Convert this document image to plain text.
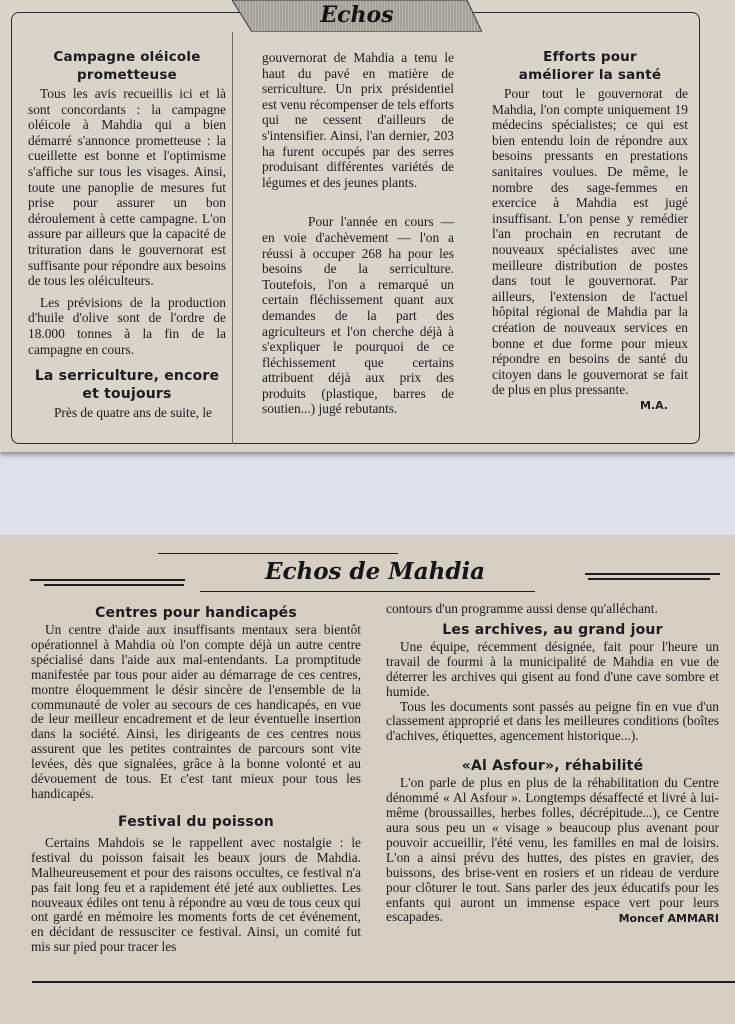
Echos
Campagne oléicole prometteuse

Tous les avis recueillis ici et là sont concordants : la campagne oléicole à Mahdia qui a bien démarré s'annonce prometteuse : la cueillette est bonne et l'optimisme s'affiche sur tous les visages. Ainsi, toute une panoplie de mesures fut prise pour assurer un bon déroulement à cette campagne. L'on assure par ailleurs que la capacité de trituration dans le gouvernorat est suffisante pour répondre aux besoins de tous les oléiculteurs.

Les prévisions de la production d'huile d'olive sont de l'ordre de 18.000 tonnes à la fin de la campagne en cours.

La serriculture, encore et toujours

Près de quatre ans de suite, le

gouvernorat de Mahdia a tenu le haut du pavé en matière de serriculture. Un prix présidentiel est venu récompenser de tels efforts qui ne cessent d'ailleurs de s'intensifier. Ainsi, l'an dernier, 203 ha furent occupés par des serres produisant différentes variétés de légumes et des jeunes plants.

Pour l'année en cours — en voie d'achèvement — l'on a réussi à occuper 268 ha pour les besoins de la serriculture. Toutefois, l'on a remarqué un certain fléchissement quant aux demandes de la part des agriculteurs et l'on cherche déjà à s'expliquer le pourquoi de ce fléchissement que certains attribuent déjà aux prix des produits (plastique, barres de soutien...) jugé rebutants.

Efforts pour améliorer la santé

Pour tout le gouvernorat de Mahdia, l'on compte uniquement 19 médecins spécialistes; ce qui est bien entendu loin de répondre aux besoins pressants en prestations sanitaires voulues. De même, le nombre des sage-femmes en exercice à Mahdia est jugé insuffisant. L'on pense y remédier l'an prochain en recrutant de nouveaux spécialistes avec une meilleure distribution de postes dans tout le gouvernorat. Par ailleurs, l'extension de l'actuel hôpital régional de Mahdia par la création de nouveaux services en bonne et due forme pour mieux répondre en besoins de santé du citoyen dans le gouvernorat se fait de plus en plus pressante.

M.A.
Echos de Mahdia
Centres pour handicapés

Un centre d'aide aux insuffisants mentaux sera bientôt opérationnel à Mahdia où l'on compte déjà un autre centre spécialisé dans l'aide aux mal-entendants. La promptitude manifestée par tous pour aider au démarrage de ces centres, montre éloquemment le désir sincère de l'ensemble de la communauté de voler au secours de ces handicapés, en vue de leur meilleur encadrement et de leur éventuelle insertion dans la société. Ainsi, les dirigeants de ces centres nous assurent que les petites contraintes de parcours sont vite levées, dès que signalées, grâce à la bonne volonté et au dévouement de tous. Et c'est tant mieux pour tous les handicapés.

Festival du poisson

Certains Mahdois se le rappellent avec nostalgie : le festival du poisson faisait les beaux jours de Mahdia. Malheureusement et pour des raisons occultes, ce festival n'a pas fait long feu et a rapidement été jeté aux oubliettes. Les nouveaux édiles ont tenu à répondre au vœu de tous ceux qui ont gardé en mémoire les moments forts de cet événement, en décidant de ressusciter ce festival. Ainsi, un comité fut mis sur pied pour tracer les

contours d'un programme aussi dense qu'alléchant.

Les archives, au grand jour

Une équipe, récemment désignée, fait pour l'heure un travail de fourmi à la municipalité de Mahdia en vue de déterrer les archives qui gisent au fond d'une cave sombre et humide.

Tous les documents sont passés au peigne fin en vue d'un classement approprié et dans les meilleures conditions (boîtes d'achives, étiquettes, agencement historique...).

«Al Asfour», réhabilité

L'on parle de plus en plus de la réhabilitation du Centre dénommé « Al Asfour ». Longtemps désaffecté et livré à lui-même (broussailles, herbes folles, décrépitude...), ce Centre aura sous peu un « visage » beaucoup plus avenant pour pouvoir accueillir, l'été venu, les familles en mal de loisirs. L'on a ainsi prévu des huttes, des pistes en gravier, des buissons, des brise-vent en rosiers et un rideau de verdure pour clôturer le tout. Sans parler des jeux éducatifs pour les enfants qui auront un immense espace vert pour leurs escapades.	Moncef AMMARI
